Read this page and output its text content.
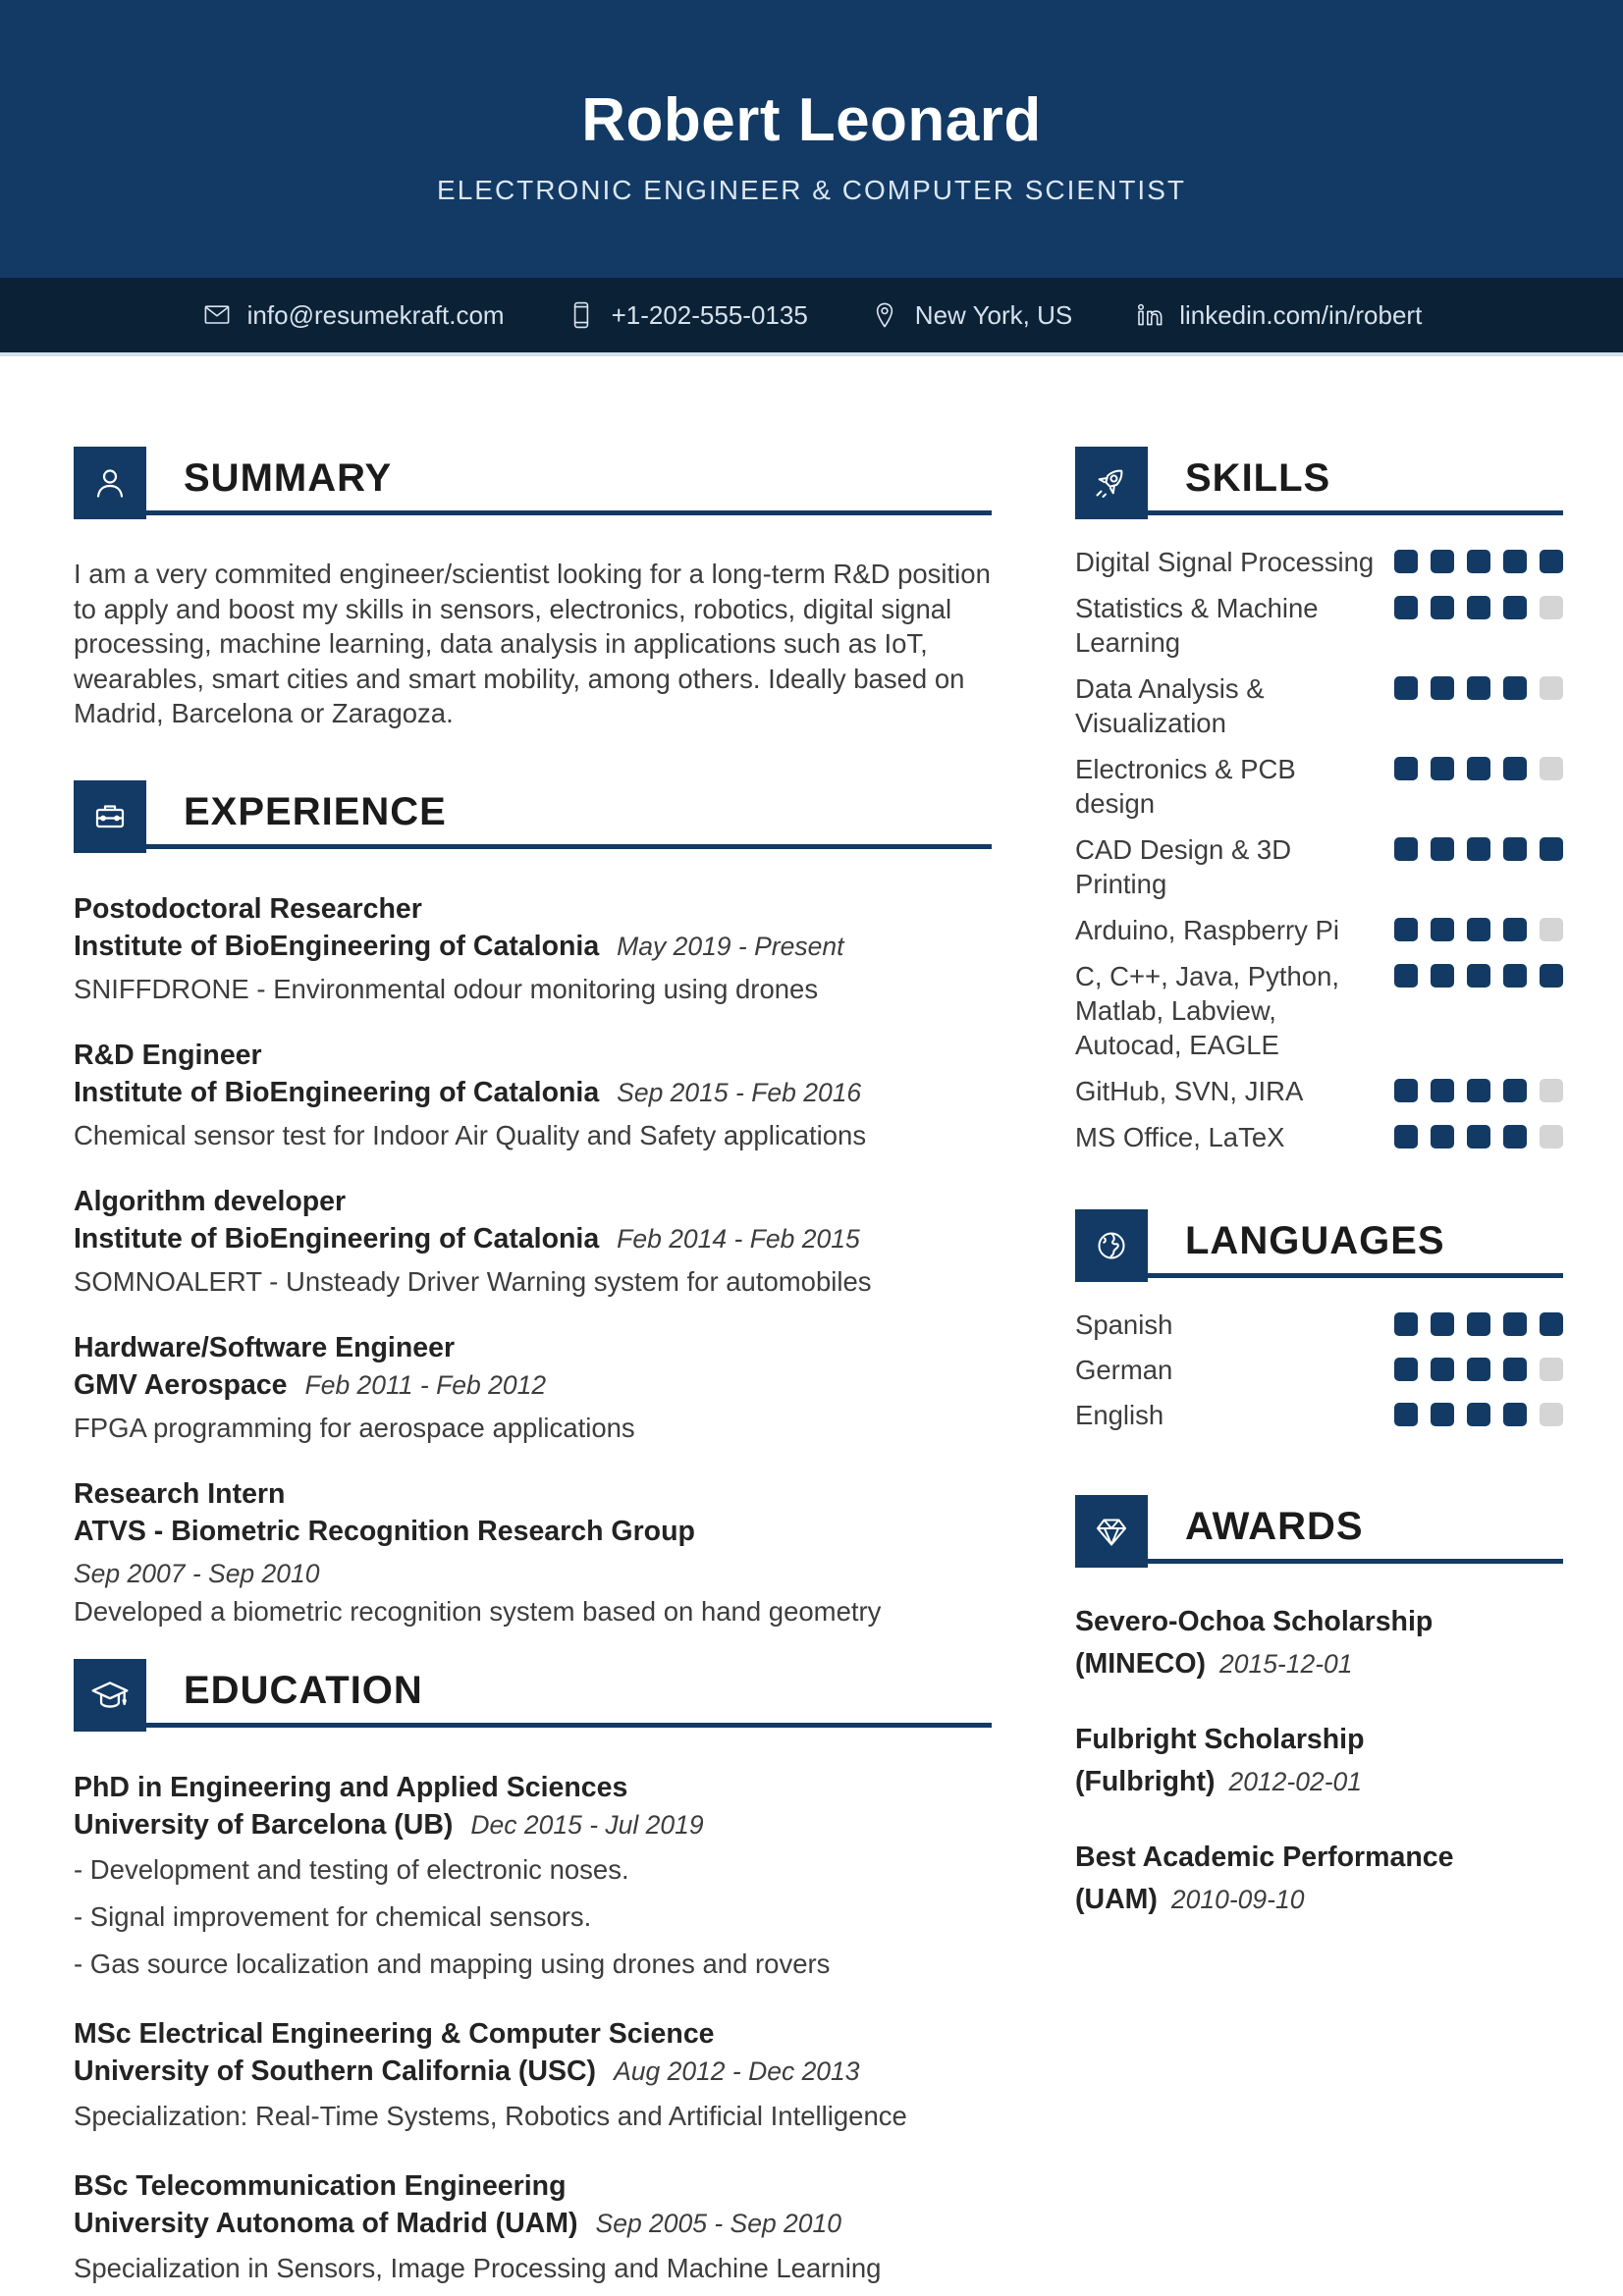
Robert Leonard
ELECTRONIC ENGINEER & COMPUTER SCIENTIST
info@resumekraft.com	+1-202-555-0135	New York, US	linkedin.com/in/robert
SUMMARY

I am a very commited engineer/scientist looking for a long-term R&D position to apply and boost my skills in sensors, electronics, robotics, digital signal processing, machine learning, data analysis in applications such as IoT, wearables, smart cities and smart mobility, among others. Ideally based on Madrid, Barcelona or Zaragoza.

EXPERIENCE
Postodoctoral Researcher
Institute of BioEngineering of Catalonia May 2019 - Present

SNIFFDRONE - Environmental odour monitoring using drones

R&D Engineer
Institute of BioEngineering of Catalonia Sep 2015 - Feb 2016

Chemical sensor test for Indoor Air Quality and Safety applications

Algorithm developer
Institute of BioEngineering of Catalonia Feb 2014 - Feb 2015

SOMNOALERT - Unsteady Driver Warning system for automobiles

Hardware/Software Engineer
GMV Aerospace Feb 2011 - Feb 2012

FPGA programming for aerospace applications

Research Intern
ATVS - Biometric Recognition Research Group
Sep 2007 - Sep 2010

Developed a biometric recognition system based on hand geometry

EDUCATION
PhD in Engineering and Applied Sciences
University of Barcelona (UB) Dec 2015 - Jul 2019

- Development and testing of electronic noses.

- Signal improvement for chemical sensors.

- Gas source localization and mapping using drones and rovers

MSc Electrical Engineering & Computer Science
University of Southern California (USC) Aug 2012 - Dec 2013

Specialization: Real-Time Systems, Robotics and Artificial Intelligence

BSc Telecommunication Engineering
University Autonoma of Madrid (UAM) Sep 2005 - Sep 2010

Specialization in Sensors, Image Processing and Machine Learning

SKILLS
Digital Signal Processing
Statistics & Machine Learning
Data Analysis & Visualization
Electronics & PCB design
CAD Design & 3D Printing
Arduino, Raspberry Pi
C, C++, Java, Python, Matlab, Labview, Autocad, EAGLE
GitHub, SVN, JIRA
MS Office, LaTeX
LANGUAGES
Spanish
German
English
AWARDS
Severo-Ochoa Scholarship (MINECO) 2015-12-01
Fulbright Scholarship (Fulbright) 2012-02-01
Best Academic Performance (UAM) 2010-09-10
